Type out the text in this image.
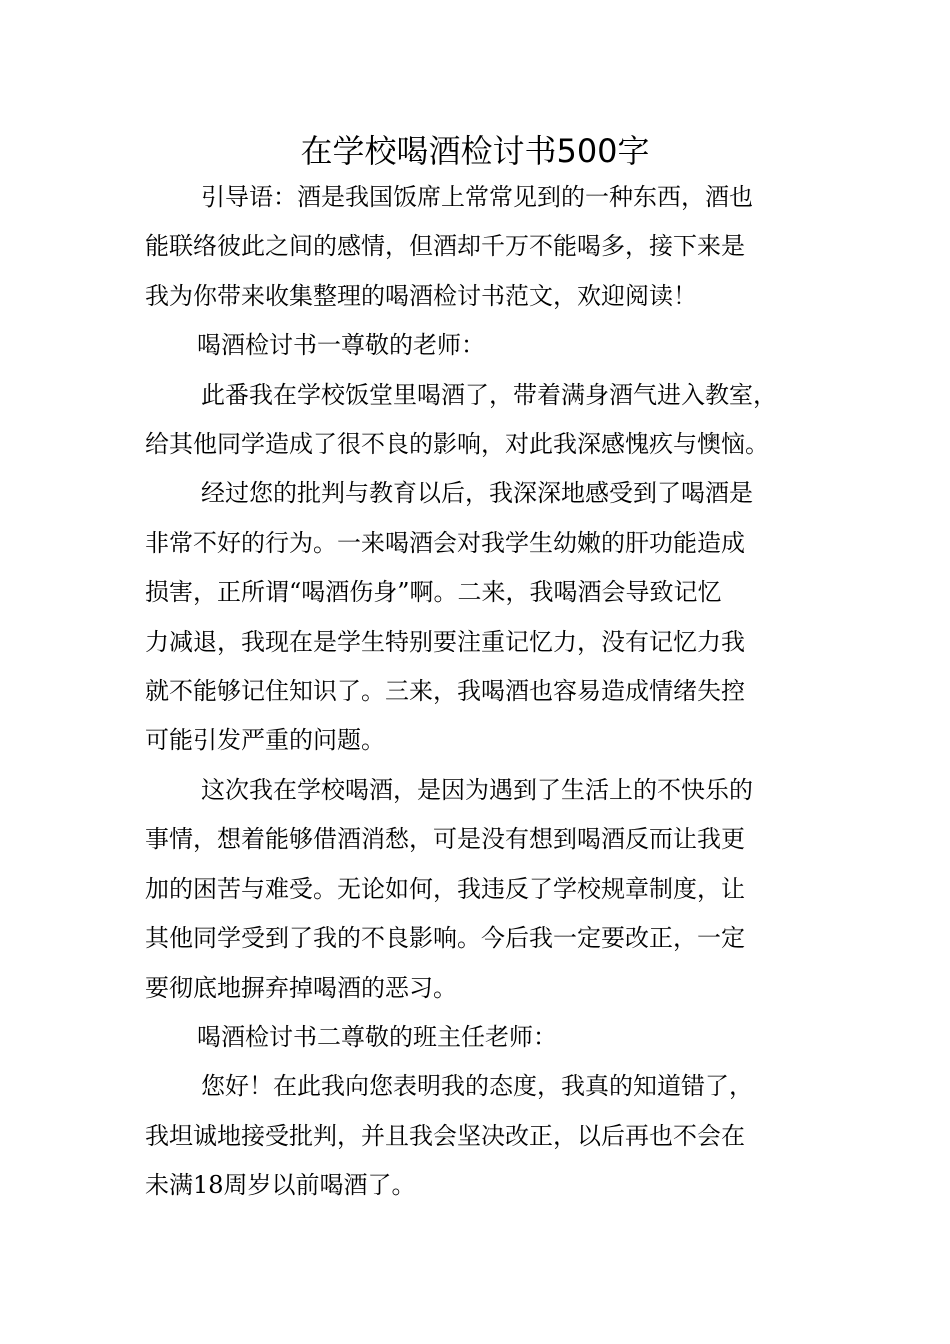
在学校喝酒检讨书500字

引导语：酒是我国饭席上常常见到的一种东西，酒也
能联络彼此之间的感情，但酒却千万不能喝多，接下来是
我为你带来收集整理的喝酒检讨书范文，欢迎阅读！

喝酒检讨书一尊敬的老师：

此番我在学校饭堂里喝酒了，带着满身酒气进入教室，
给其他同学造成了很不良的影响，对此我深感愧疚与懊恼。

经过您的批判与教育以后，我深深地感受到了喝酒是
非常不好的行为。一来喝酒会对我学生幼嫩的肝功能造成
损害，正所谓“喝酒伤身”啊。二来，我喝酒会导致记忆
力减退，我现在是学生特别要注重记忆力，没有记忆力我
就不能够记住知识了。三来，我喝酒也容易造成情绪失控
可能引发严重的问题。

这次我在学校喝酒，是因为遇到了生活上的不快乐的
事情，想着能够借酒消愁，可是没有想到喝酒反而让我更
加的困苦与难受。无论如何，我违反了学校规章制度，让
其他同学受到了我的不良影响。今后我一定要改正，一定
要彻底地摒弃掉喝酒的恶习。

喝酒检讨书二尊敬的班主任老师：

您好！在此我向您表明我的态度，我真的知道错了，
我坦诚地接受批判，并且我会坚决改正，以后再也不会在
未满18周岁以前喝酒了。
